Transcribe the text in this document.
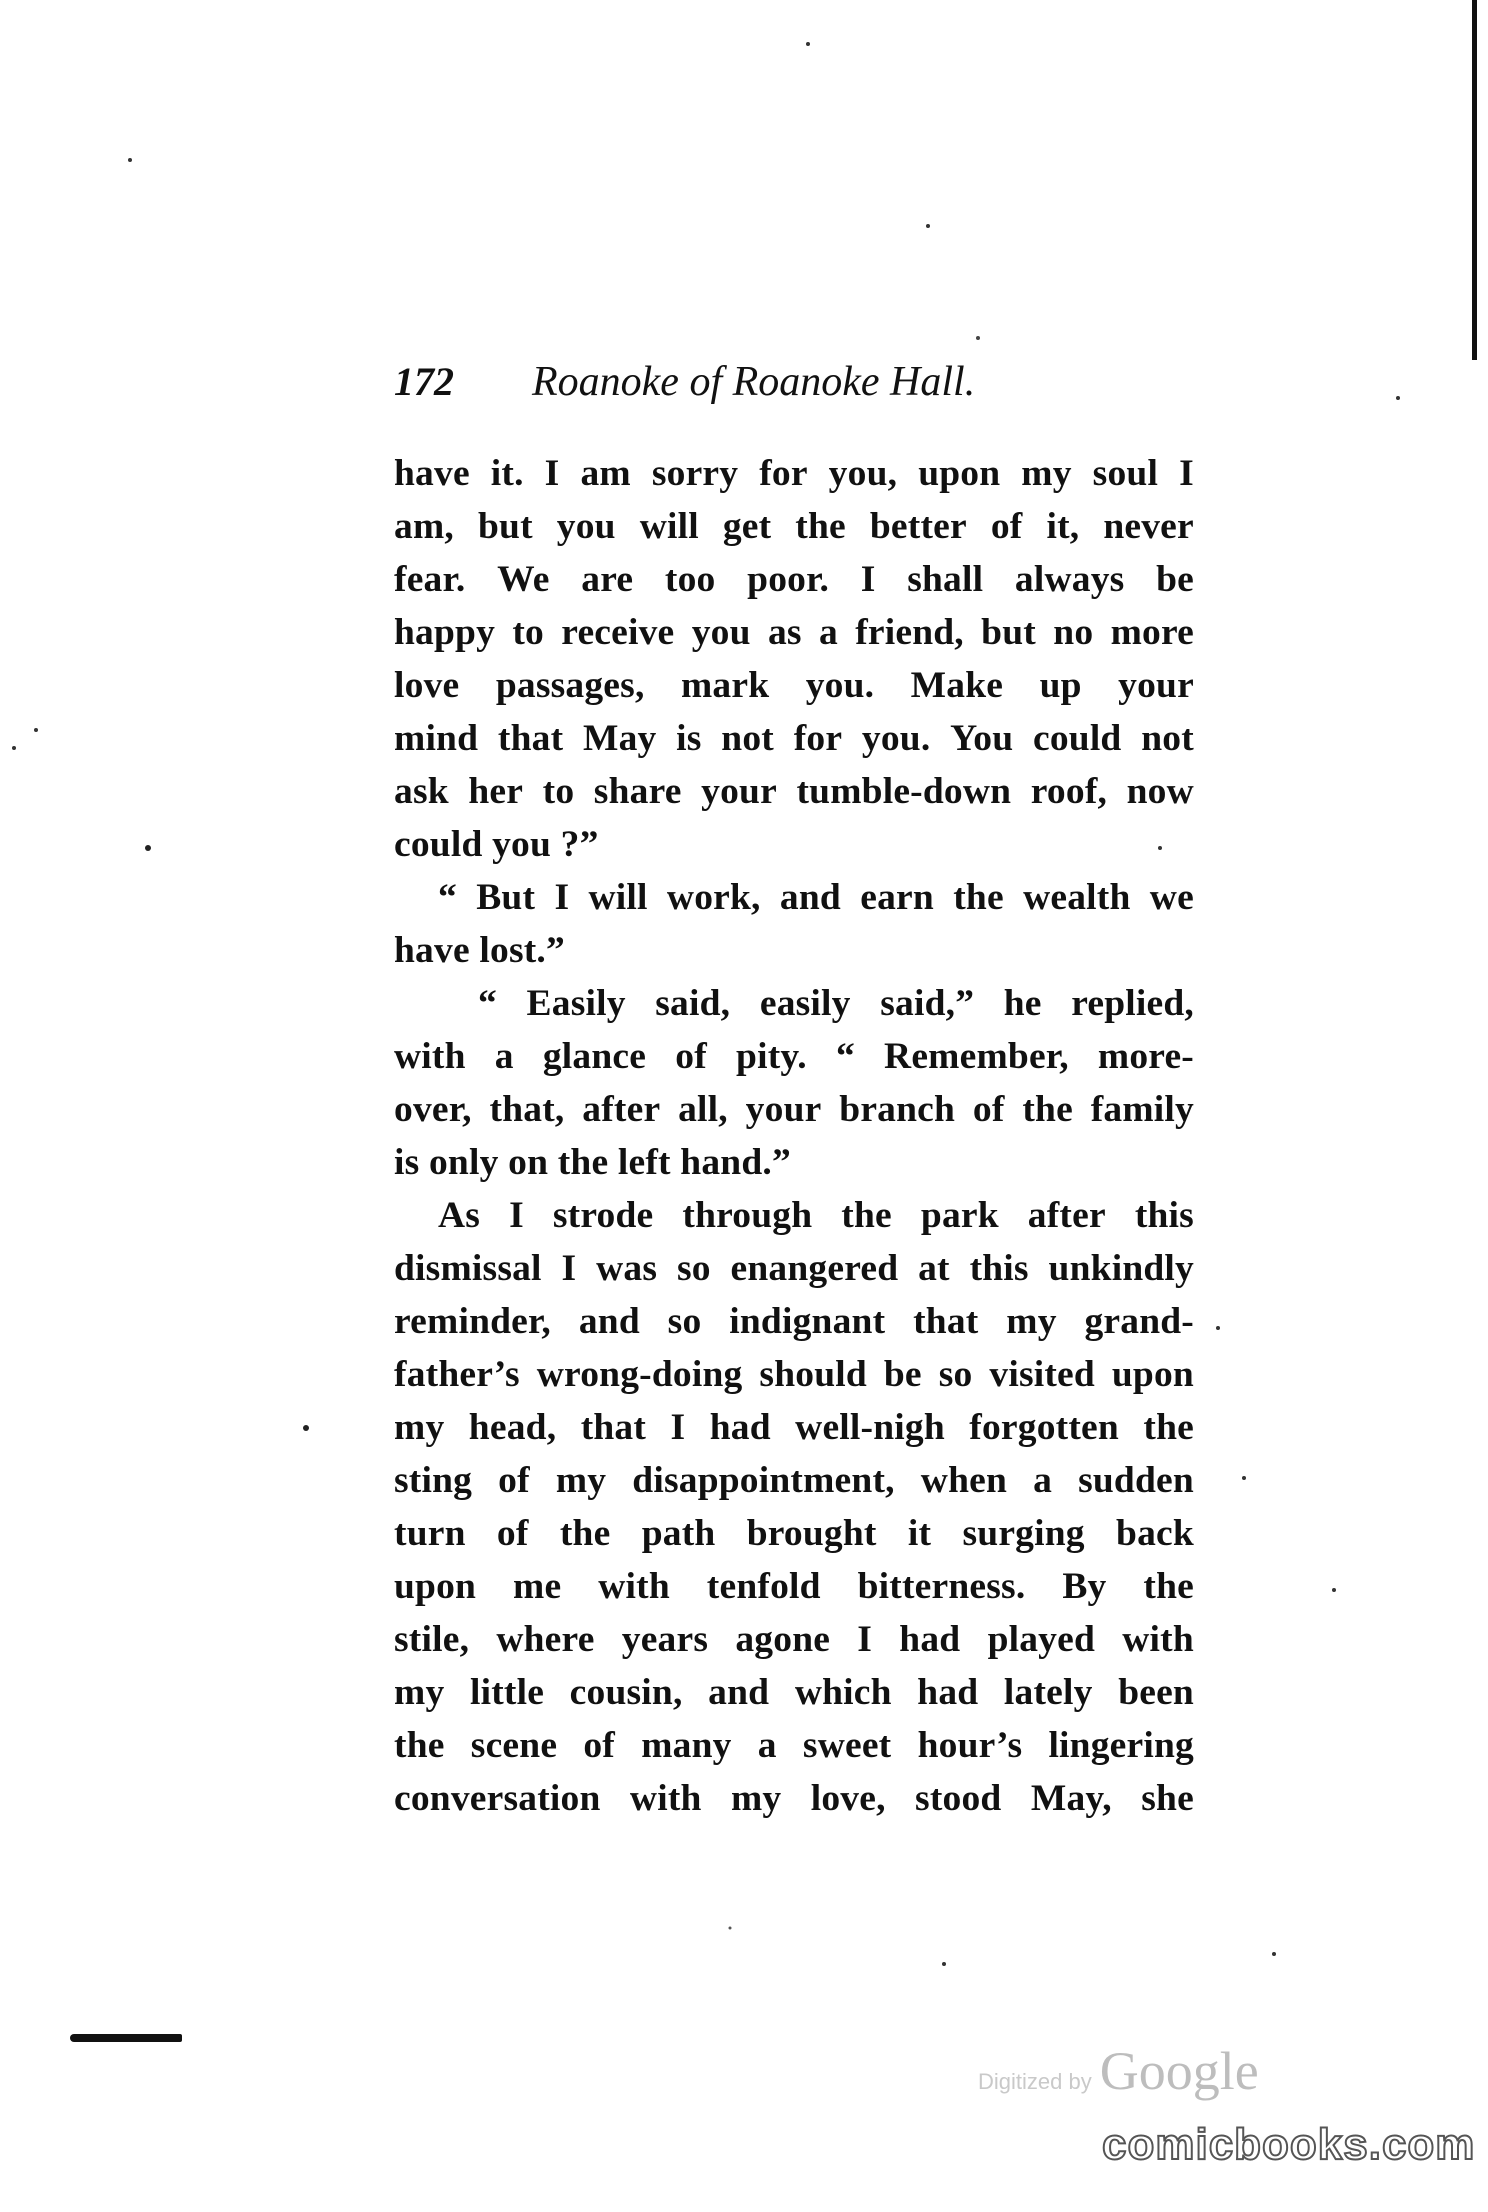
172 Roanoke of Roanoke Hall.
have it. I am sorry for you, upon my soul I
am, but you will get the better of it, never
fear. We are too poor. I shall always be
happy to receive you as a friend, but no more
love passages, mark you. Make up your
mind that May is not for you. You could not
ask her to share your tumble-down roof, now
could you ?”
“ But I will work, and earn the wealth we
have lost.”
“ Easily said, easily said,” he replied,
with a glance of pity. “ Remember, more-
over, that, after all, your branch of the family
is only on the left hand.”
As I strode through the park after this
dismissal I was so enangered at this unkindly
reminder, and so indignant that my grand-
father’s wrong-doing should be so visited upon
my head, that I had well-nigh forgotten the
sting of my disappointment, when a sudden
turn of the path brought it surging back
upon me with tenfold bitterness. By the
stile, where years agone I had played with
my little cousin, and which had lately been
the scene of many a sweet hour’s lingering
conversation with my love, stood May, she
Digitized by Google
comicbooks.com
